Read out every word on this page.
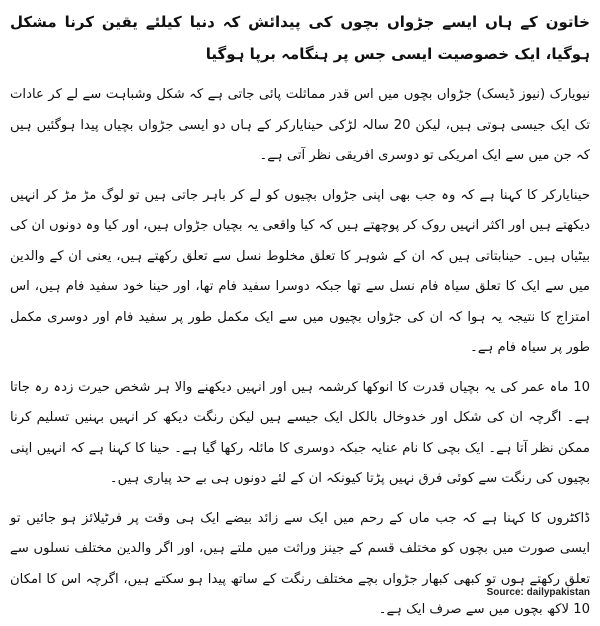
خاتون کے ہاں ایسے جڑواں بچوں کی پیدائش کہ دنیا کیلئے یقین کرنا مشکل ہوگیا، ایک خصوصیت ایسی جس پر ہنگامہ برپا ہوگیا

نیویارک (نیوز ڈیسک) جڑواں بچوں میں اس قدر مماثلت پائی جاتی ہے کہ شکل وشباہت سے لے کر عادات تک ایک جیسی ہوتی ہیں، لیکن 20 سالہ لڑکی حینایارکر کے ہاں دو ایسی جڑواں بچیاں پیدا ہوگئیں ہیں کہ جن میں سے ایک امریکی تو دوسری افریقی نظر آتی ہے۔

حینایارکر کا کہنا ہے کہ وہ جب بھی اپنی جڑواں بچیوں کو لے کر باہر جاتی ہیں تو لوگ مڑ مڑ کر انہیں دیکھتے ہیں اور اکثر انہیں روک کر پوچھتے ہیں کہ کیا واقعی یہ بچیاں جڑواں ہیں، اور کیا وہ دونوں ان کی بیٹیاں ہیں۔ حینابتاتی ہیں کہ ان کے شوہر کا تعلق مخلوط نسل سے تعلق رکھتے ہیں، یعنی ان کے والدین میں سے ایک کا تعلق سیاہ فام نسل سے تھا جبکہ دوسرا سفید فام تھا، اور حینا خود سفید فام ہیں، اس امتزاج کا نتیجہ یہ ہوا کہ ان کی جڑواں بچیوں میں سے ایک مکمل طور پر سفید فام اور دوسری مکمل طور پر سیاہ فام ہے۔

10 ماہ عمر کی یہ بچیاں قدرت کا انوکھا کرشمہ ہیں اور انہیں دیکھنے والا ہر شخص حیرت زدہ رہ جاتا ہے۔ اگرچہ ان کی شکل اور خدوخال بالکل ایک جیسے ہیں لیکن رنگت دیکھ کر انہیں بہنیں تسلیم کرنا ممکن نظر آتا ہے۔ ایک بچی کا نام عنایہ جبکہ دوسری کا مائلہ رکھا گیا ہے۔ حینا کا کہنا ہے کہ انہیں اپنی بچیوں کی رنگت سے کوئی فرق نہیں پڑتا کیونکہ ان کے لئے دونوں ہی بے حد پیاری ہیں۔

ڈاکٹروں کا کہنا ہے کہ جب ماں کے رحم میں ایک سے زائد بیضے ایک ہی وقت پر فرٹیلائز ہو جائیں تو ایسی صورت میں بچوں کو مختلف قسم کے جینز وراثت میں ملتے ہیں، اور اگر والدین مختلف نسلوں سے تعلق رکھتے ہوں تو کبھی کبھار جڑواں بچے مختلف رنگت کے ساتھ پیدا ہو سکتے ہیں، اگرچہ اس کا امکان 10 لاکھ بچوں میں سے صرف ایک ہے۔

Source: dailypakistan
